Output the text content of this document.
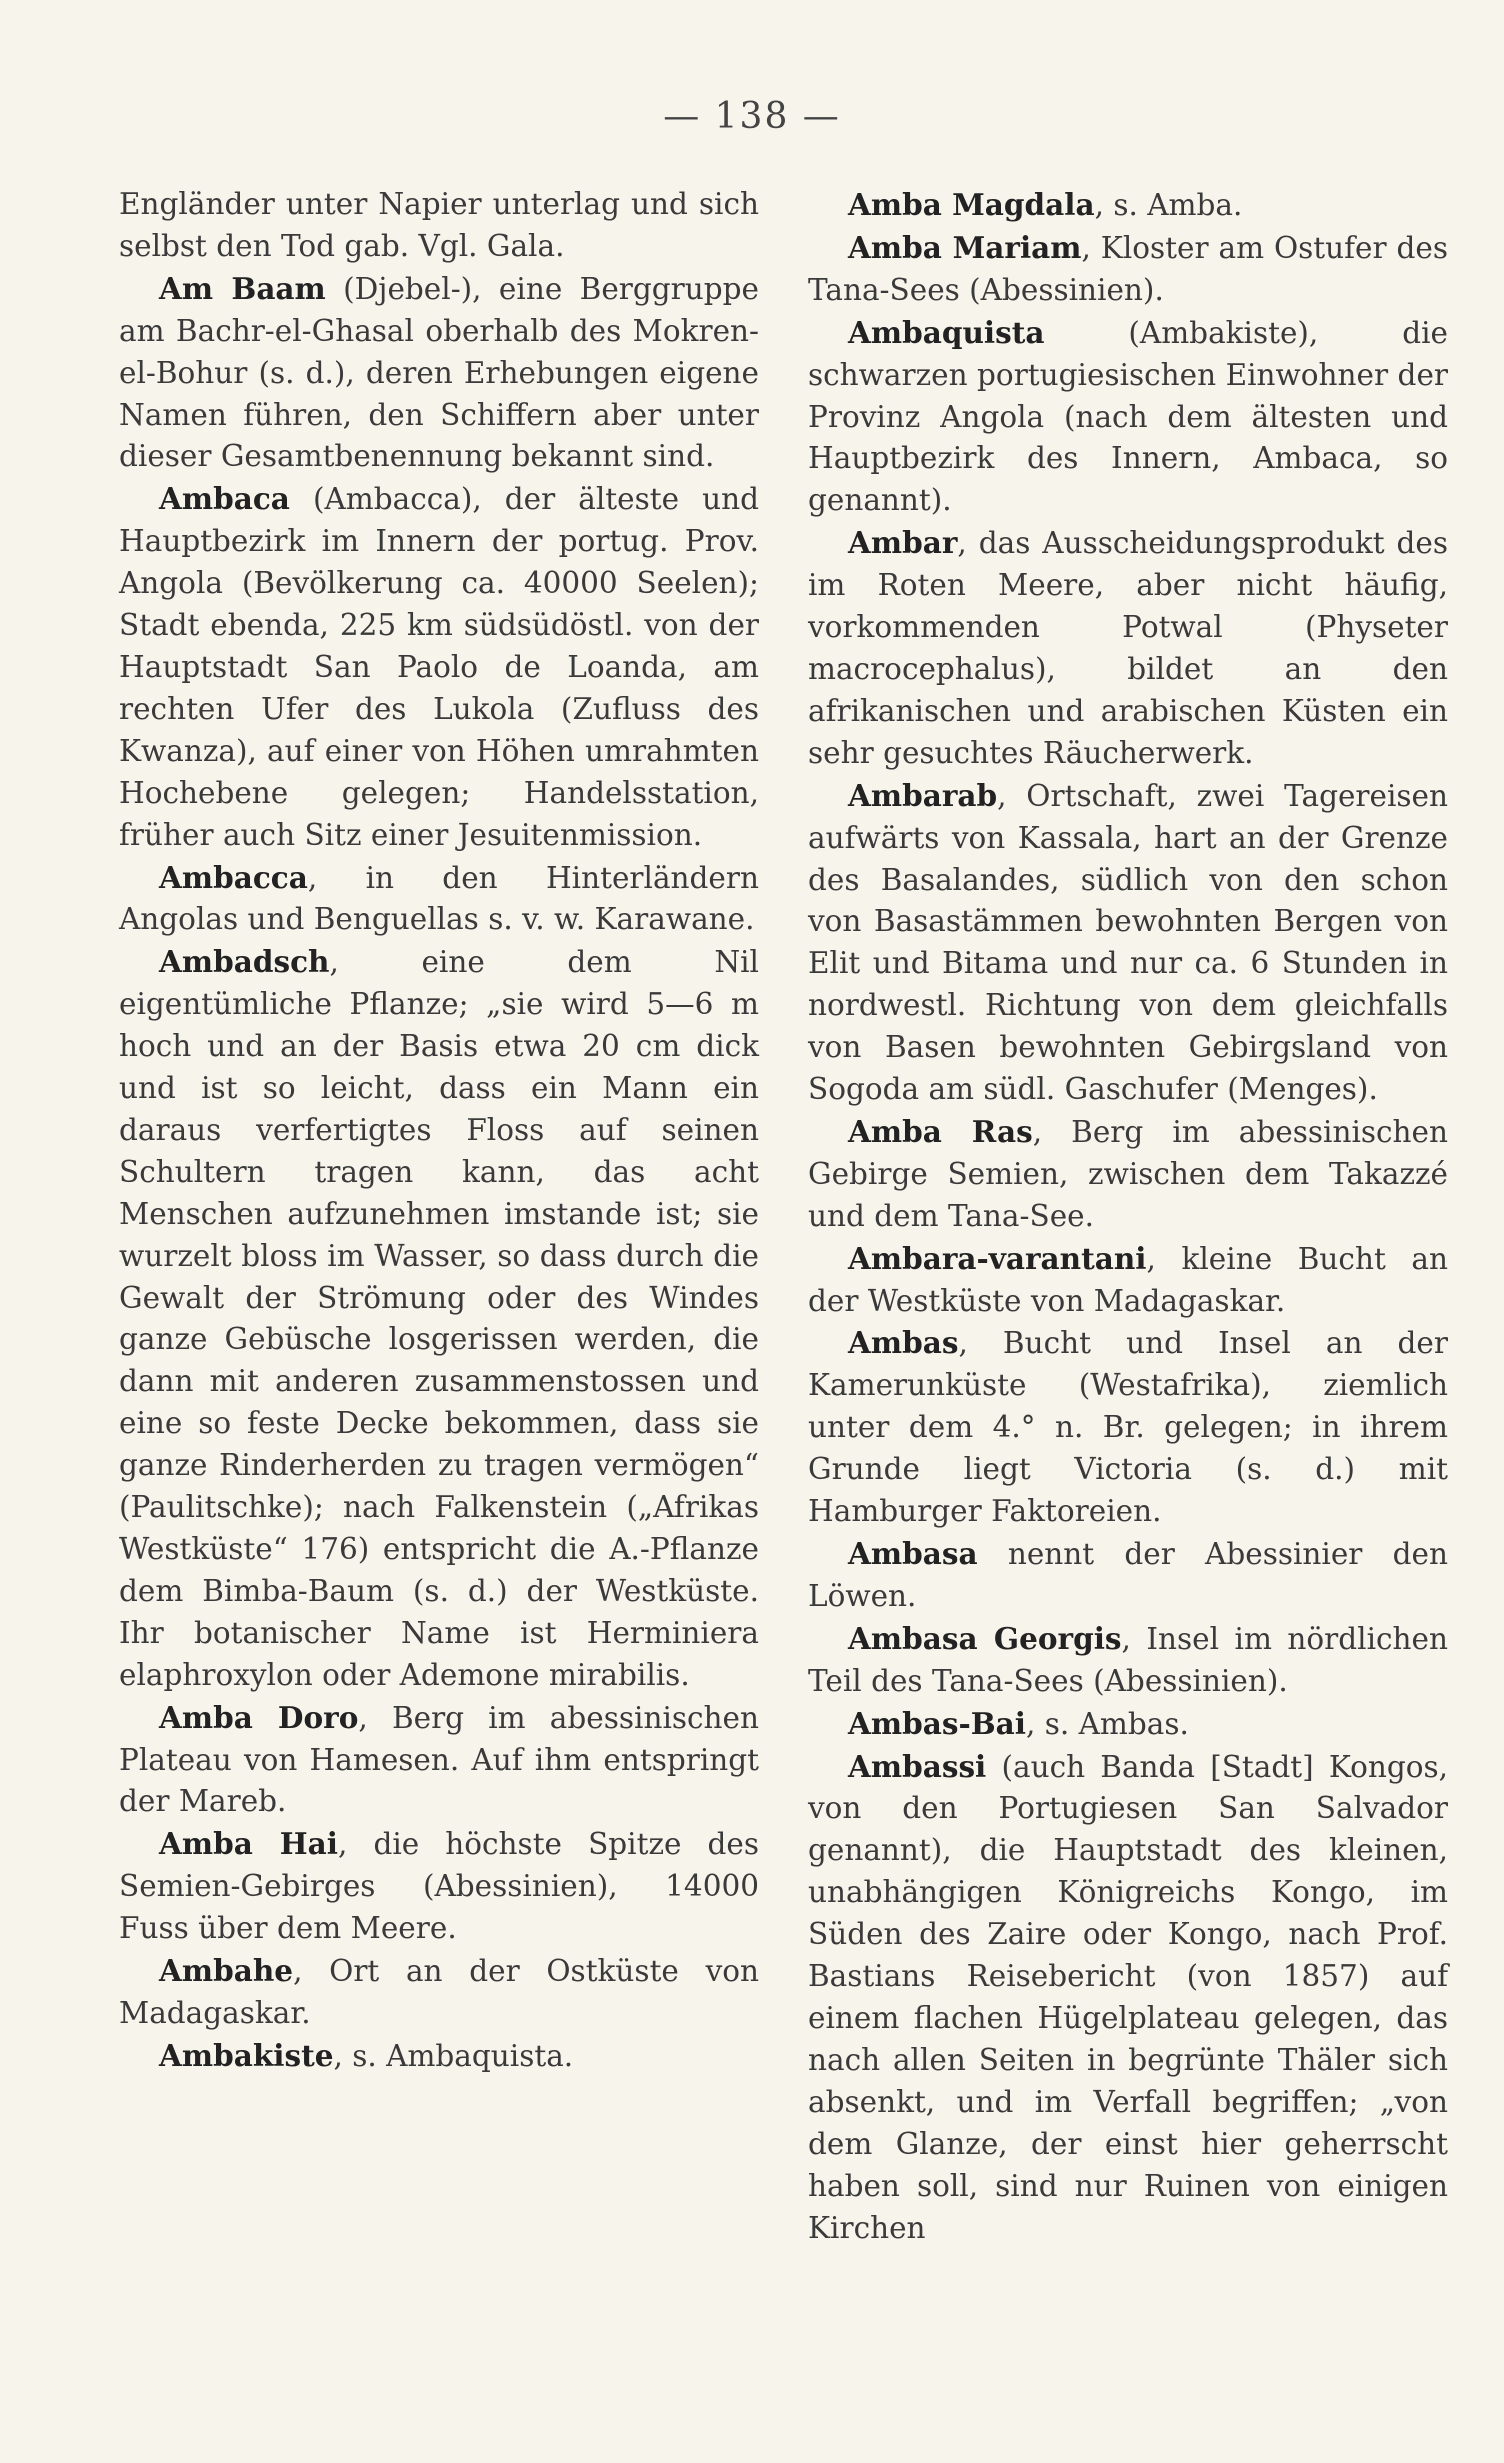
— 138 —

Engländer unter Napier unterlag und sich selbst den Tod gab. Vgl. Gala.

Am Baam (Djebel-), eine Berggruppe am Bachr-el-Ghasal oberhalb des Mokren-el-Bohur (s. d.), deren Erhebungen eigene Namen führen, den Schiffern aber unter dieser Gesamtbenennung bekannt sind.

Ambaca (Ambacca), der älteste und Hauptbezirk im Innern der portug. Prov. Angola (Bevölkerung ca. 40000 Seelen); Stadt ebenda, 225 km südsüdöstl. von der Hauptstadt San Paolo de Loanda, am rechten Ufer des Lukola (Zufluss des Kwanza), auf einer von Höhen umrahmten Hochebene gelegen; Handelsstation, früher auch Sitz einer Jesuitenmission.

Ambacca, in den Hinterländern Angolas und Benguellas s. v. w. Karawane.

Ambadsch, eine dem Nil eigentümliche Pflanze; „sie wird 5—6 m hoch und an der Basis etwa 20 cm dick und ist so leicht, dass ein Mann ein daraus verfertigtes Floss auf seinen Schultern tragen kann, das acht Menschen aufzunehmen imstande ist; sie wurzelt bloss im Wasser, so dass durch die Gewalt der Strömung oder des Windes ganze Gebüsche losgerissen werden, die dann mit anderen zusammenstossen und eine so feste Decke bekommen, dass sie ganze Rinderherden zu tragen vermögen“ (Paulitschke); nach Falkenstein („Afrikas Westküste“ 176) entspricht die A.-Pflanze dem Bimba-Baum (s. d.) der Westküste. Ihr botanischer Name ist Herminiera elaphroxylon oder Ademone mirabilis.

Amba Doro, Berg im abessinischen Plateau von Hamesen. Auf ihm entspringt der Mareb.

Amba Hai, die höchste Spitze des Semien-Gebirges (Abessinien), 14000 Fuss über dem Meere.

Ambahe, Ort an der Ostküste von Madagaskar.

Ambakiste, s. Ambaquista.

Amba Magdala, s. Amba.

Amba Mariam, Kloster am Ostufer des Tana-Sees (Abessinien).

Ambaquista (Ambakiste), die schwarzen portugiesischen Einwohner der Provinz Angola (nach dem ältesten und Hauptbezirk des Innern, Ambaca, so genannt).

Ambar, das Ausscheidungsprodukt des im Roten Meere, aber nicht häufig, vorkommenden Potwal (Physeter macrocephalus), bildet an den afrikanischen und arabischen Küsten ein sehr gesuchtes Räucherwerk.

Ambarab, Ortschaft, zwei Tagereisen aufwärts von Kassala, hart an der Grenze des Basalandes, südlich von den schon von Basastämmen bewohnten Bergen von Elit und Bitama und nur ca. 6 Stunden in nordwestl. Richtung von dem gleichfalls von Basen bewohnten Gebirgsland von Sogoda am südl. Gaschufer (Menges).

Amba Ras, Berg im abessinischen Gebirge Semien, zwischen dem Takazzé und dem Tana-See.

Ambara-varantani, kleine Bucht an der Westküste von Madagaskar.

Ambas, Bucht und Insel an der Kamerunküste (Westafrika), ziemlich unter dem 4.° n. Br. gelegen; in ihrem Grunde liegt Victoria (s. d.) mit Hamburger Faktoreien.

Ambasa nennt der Abessinier den Löwen.

Ambasa Georgis, Insel im nördlichen Teil des Tana-Sees (Abessinien).

Ambas-Bai, s. Ambas.

Ambassi (auch Banda [Stadt] Kongos, von den Portugiesen San Salvador genannt), die Hauptstadt des kleinen, unabhängigen Königreichs Kongo, im Süden des Zaire oder Kongo, nach Prof. Bastians Reisebericht (von 1857) auf einem flachen Hügelplateau gelegen, das nach allen Seiten in begrünte Thäler sich absenkt, und im Verfall begriffen; „von dem Glanze, der einst hier geherrscht haben soll, sind nur Ruinen von einigen Kirchen
